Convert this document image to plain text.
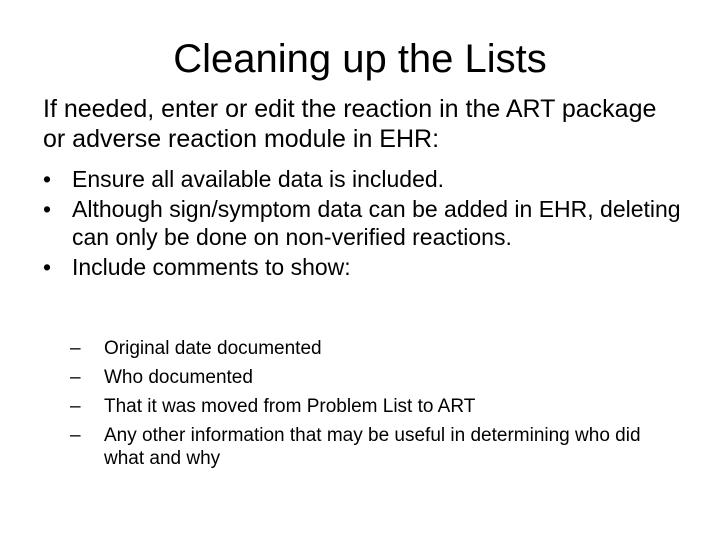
Cleaning up the Lists
If needed, enter or edit the reaction in the ART package or adverse reaction module in EHR:
• Ensure all available data is included.
• Although sign/symptom data can be added in EHR, deleting can only be done on non-verified reactions.
• Include comments to show:
–	Original date documented
–	Who documented
–	That it was moved from Problem List to ART
–	Any other information that may be useful in determining who did what and why
